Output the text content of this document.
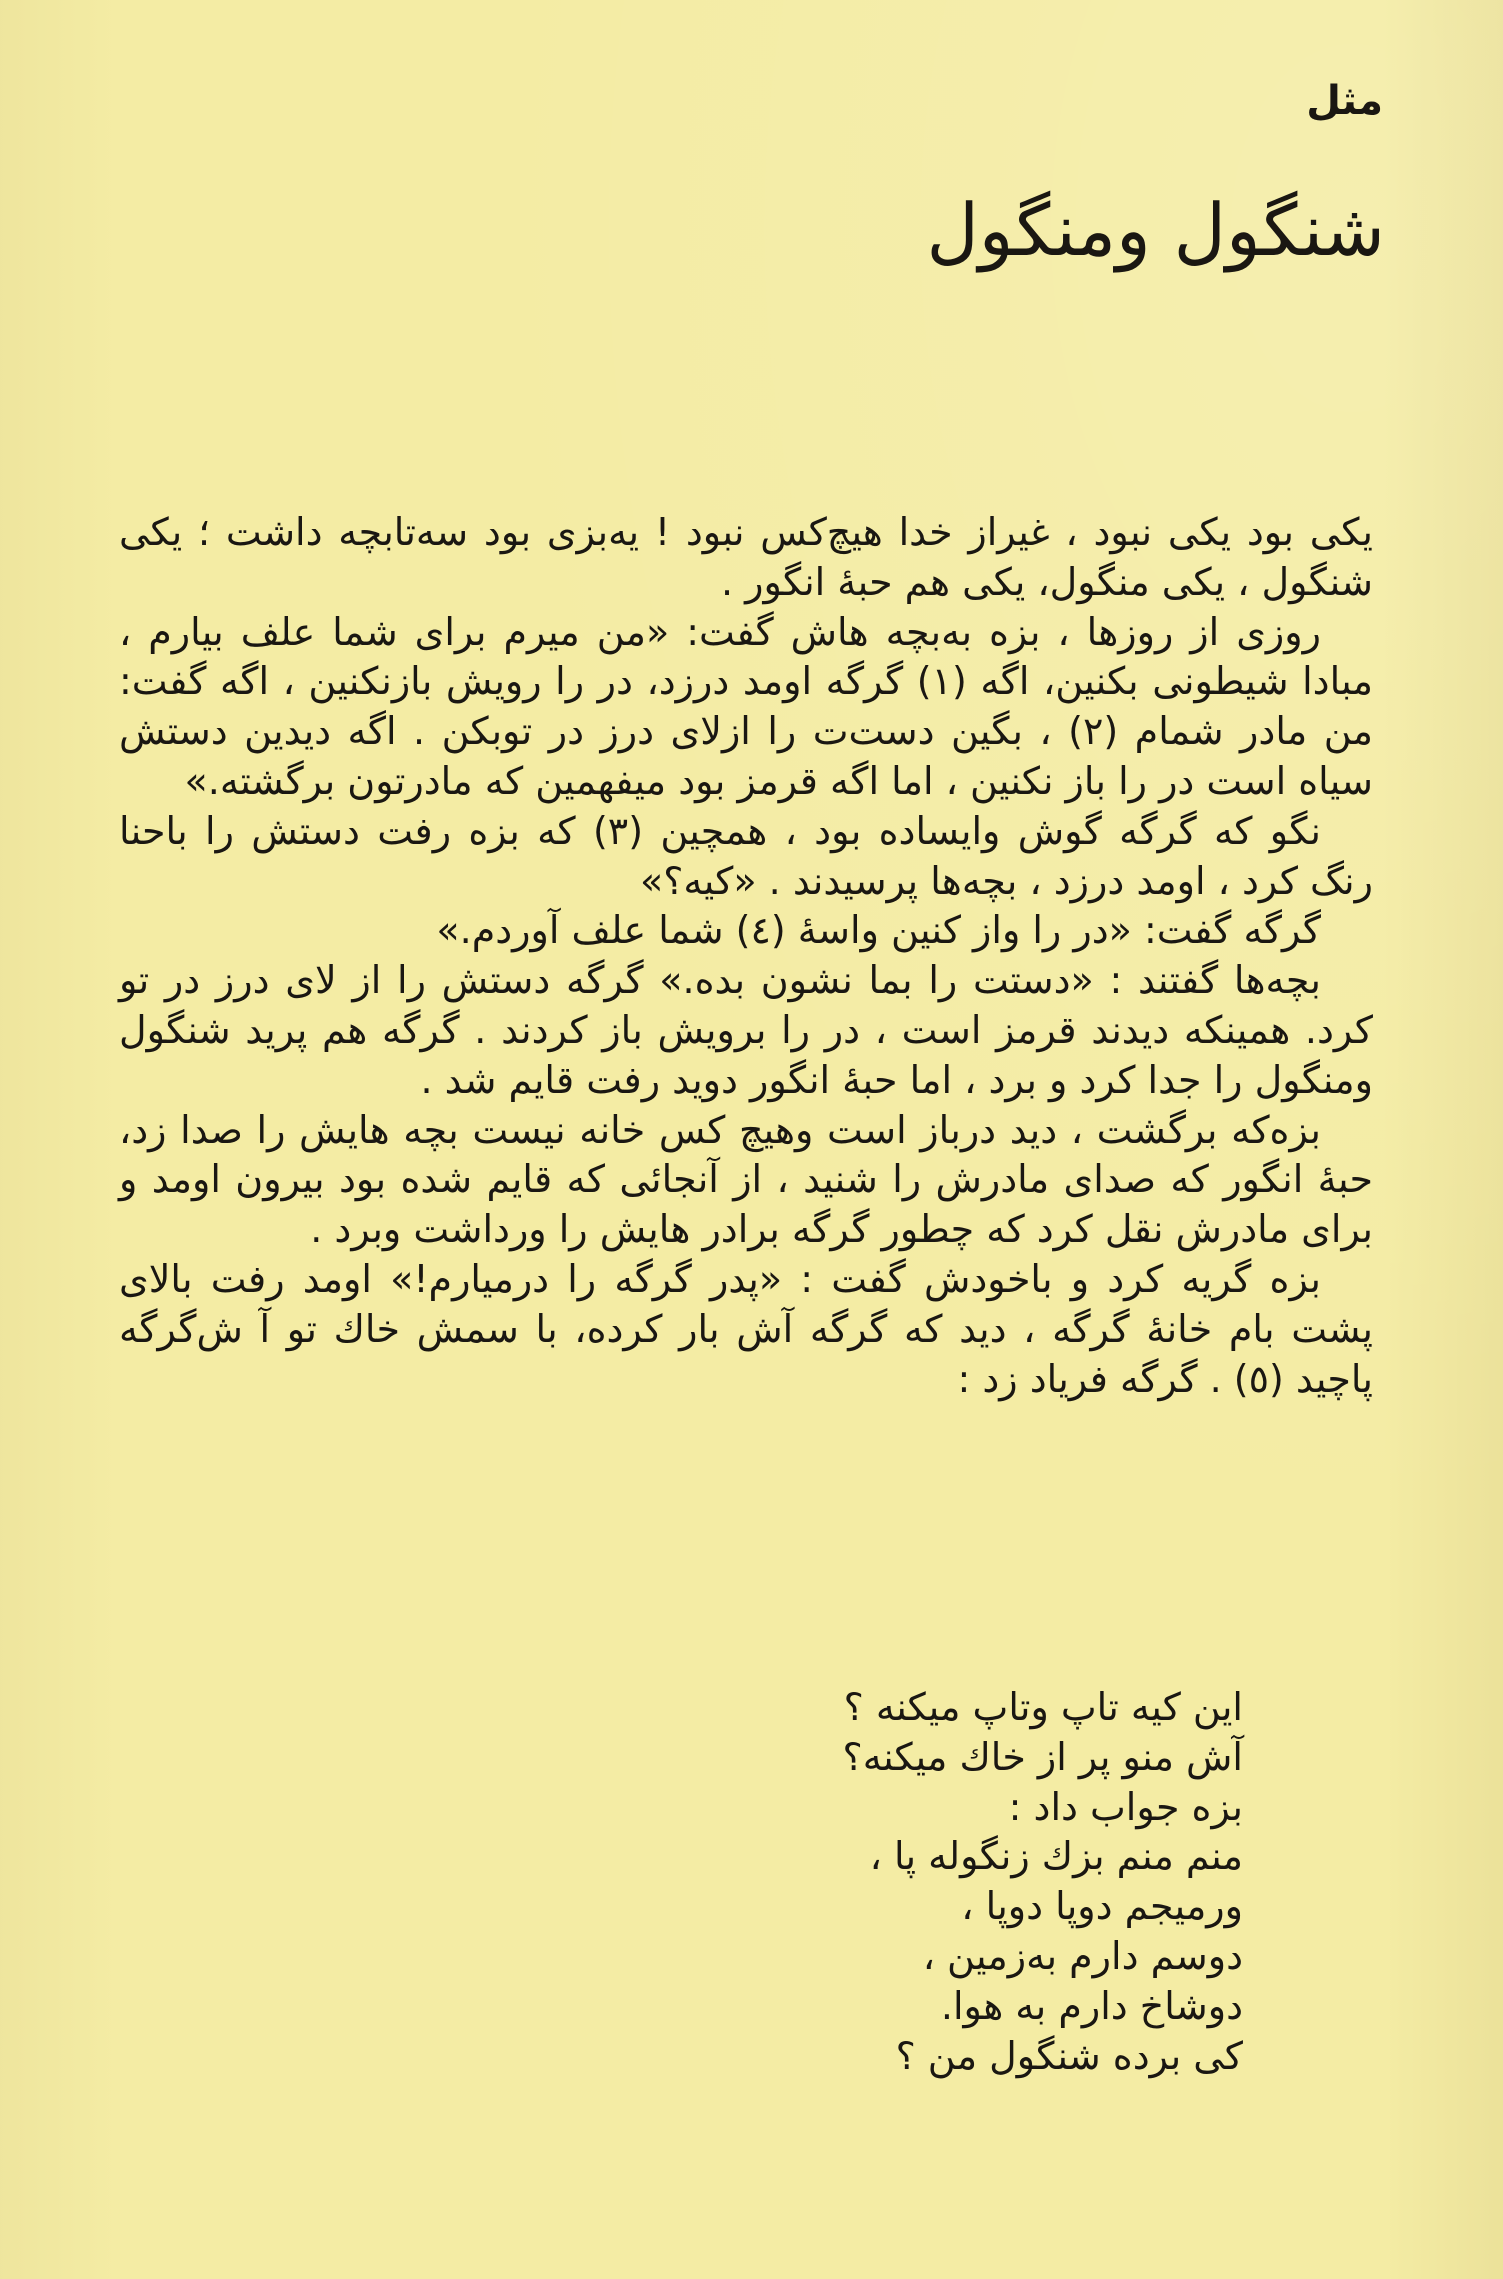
مثل
شنگول ومنگول

یکی بود یکی نبود ، غیراز خدا هیچ‌کس نبود ! یه‌بزی بود سه‌تابچه داشت ؛ یکی شنگول ، یکی منگول، یکی هم حبهٔ انگور .

روزی از روزها ، بزه به‌بچه هاش گفت: «من میرم برای شما علف بیارم ، مبادا شیطونی بکنین، اگه (۱) گرگه اومد درزد، در را رویش بازنکنین ، اگه گفت: من مادر شمام (۲) ، بگین دست‌ت را ازلای درز در توبکن . اگه دیدین دستش سیاه است در را باز نکنین ، اما اگه قرمز بود میفهمین که مادرتون برگشته.»

نگو که گرگه گوش وایساده بود ، همچین (۳) که بزه رفت دستش را باحنا رنگ کرد ، اومد درزد ، بچه‌ها پرسیدند . «کیه؟»

گرگه گفت: «در را واز کنین واسهٔ (٤) شما علف آوردم.»

بچه‌ها گفتند : «دستت را بما نشون بده.» گرگه دستش را از لای درز در تو کرد. همینکه دیدند قرمز است ، در را برویش باز کردند . گرگه هم پرید شنگول ومنگول را جدا کرد و برد ، اما حبهٔ انگور دوید رفت قایم شد .

بزه‌که برگشت ، دید درباز است وهیچ کس خانه نیست بچه هایش را صدا زد، حبهٔ انگور که صدای مادرش را شنید ، از آنجائی که قایم شده بود بیرون اومد و برای مادرش نقل کرد که چطور گرگه برادر هایش را ورداشت وبرد .

بزه گریه کرد و باخودش گفت : «پدر گرگه را درمیارم!» اومد رفت بالای پشت بام خانهٔ گرگه ، دید که گرگه آش بار کرده، با سمش خاك تو آ ش‌گرگه پاچید (٥) . گرگه فریاد زد :

این کیه تاپ وتاپ میکنه ؟
آش منو پر از خاك میکنه؟
بزه جواب داد :
منم منم بزك زنگوله پا ،
ورمیجم دوپا دوپا ،
دوسم دارم به‌زمین ،
دوشاخ دارم به هوا.
کی برده شنگول من ؟
